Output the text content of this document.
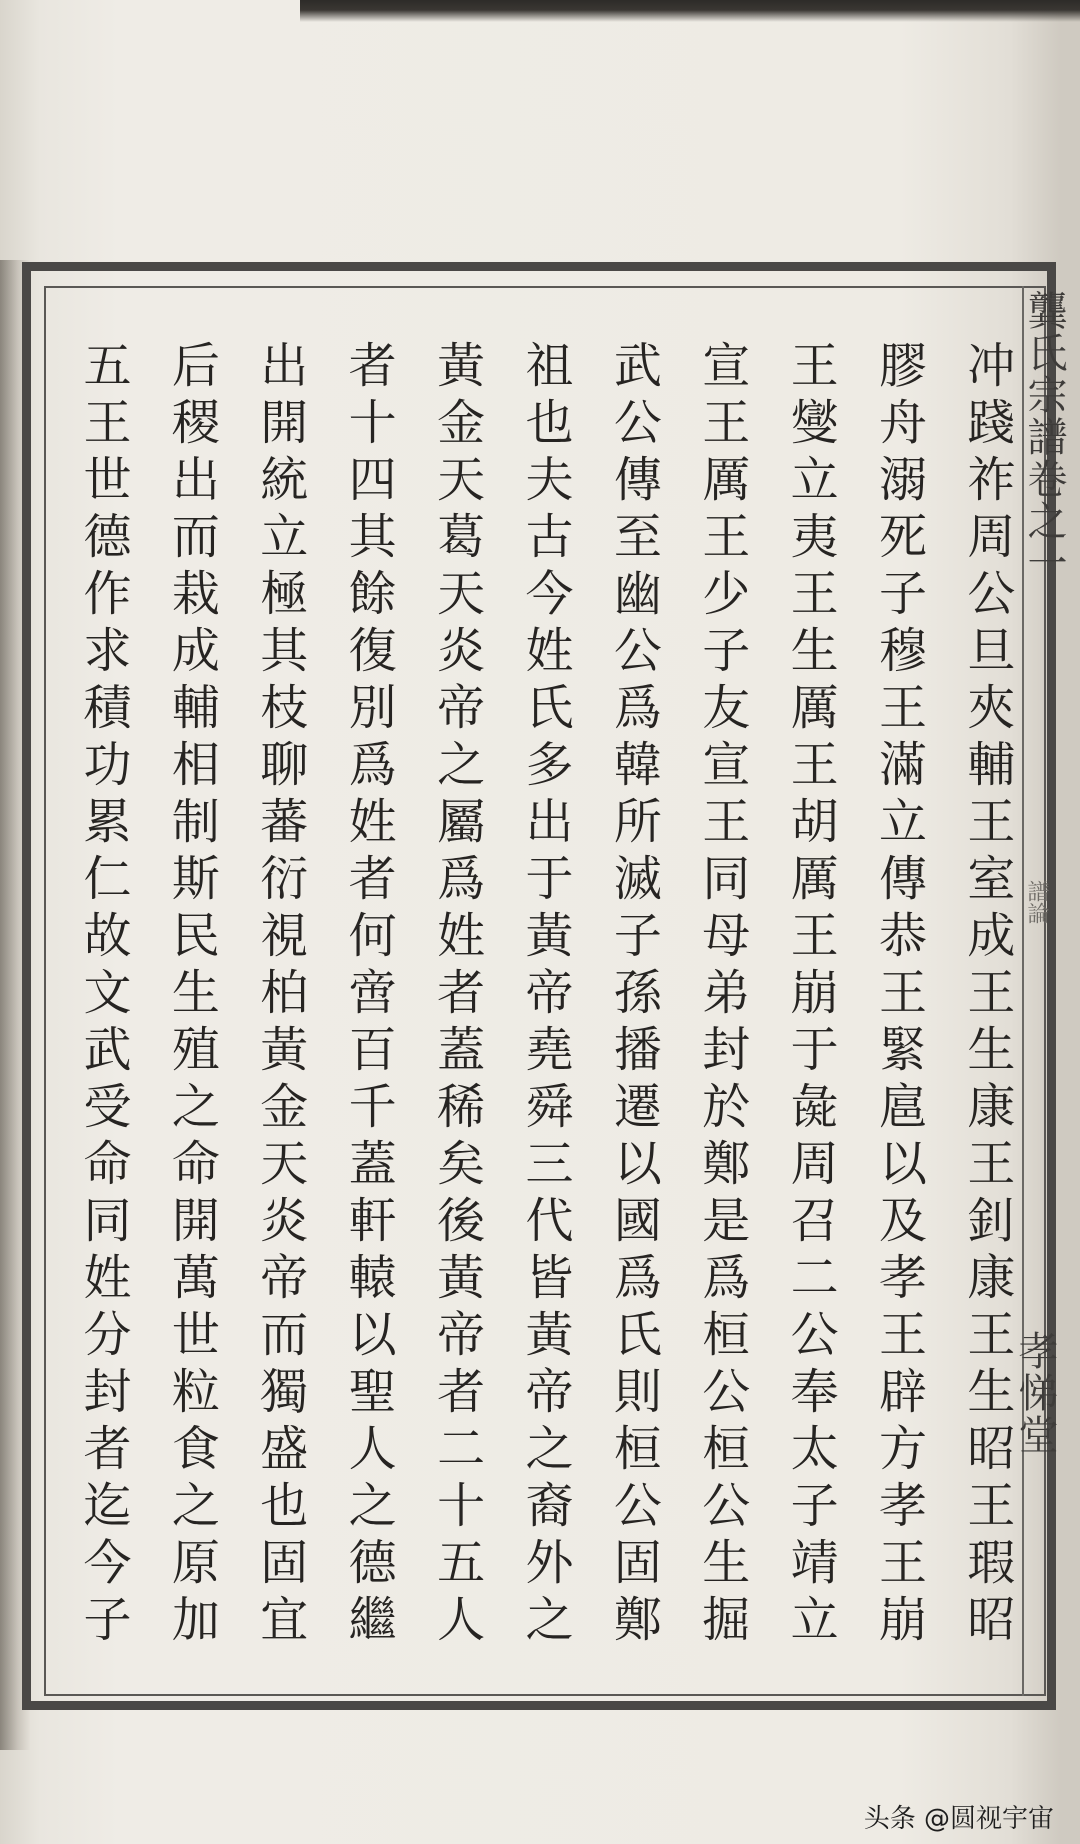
龔氏宗譜卷之一
譜論
孝悌堂
冲踐祚周公旦夾輔王室成王生康王釗康王生昭王瑕昭
膠舟溺死子穆王滿立傳恭王緊扈以及孝王辟方孝王崩
王燮立夷王生厲王胡厲王崩于彘周召二公奉太子靖立
宣王厲王少子友宣王同母弟封於鄭是爲桓公桓公生掘
武公傳至幽公爲韓所滅子孫播遷以國爲氏則桓公固鄭
祖也夫古今姓氏多出于黃帝堯舜三代皆黃帝之裔外之
黃金天葛天炎帝之屬爲姓者蓋稀矣後黃帝者二十五人
者十四其餘復別爲姓者何啻百千蓋軒轅以聖人之德繼
出開統立極其枝聊蕃衍視柏黃金天炎帝而獨盛也固宜
后稷出而栽成輔相制斯民生殖之命開萬世粒食之原加
五王世德作求積功累仁故文武受命同姓分封者迄今子
头条 @圆视宇宙
